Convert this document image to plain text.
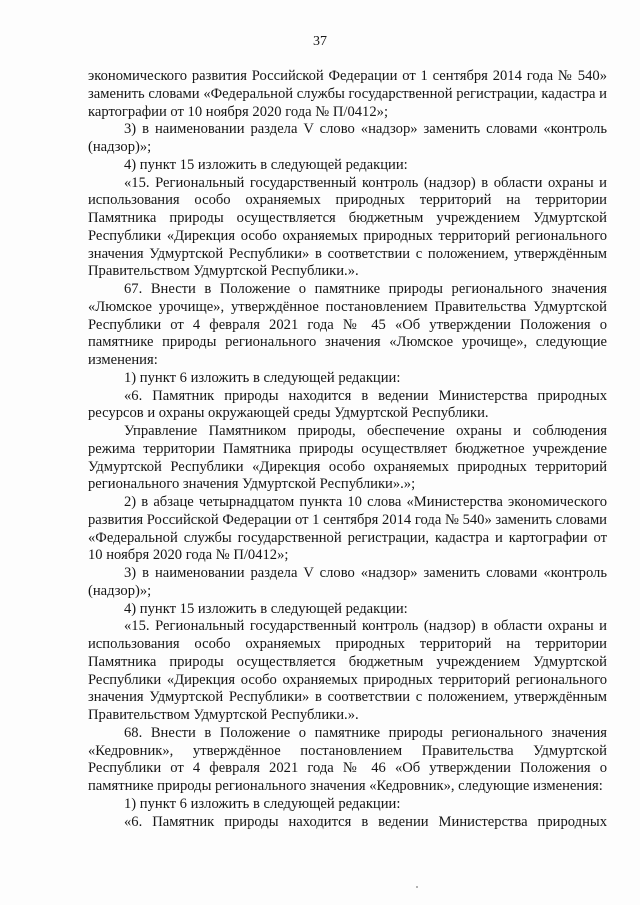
37

экономического развития Российской Федерации от 1 сентября 2014 года № 540» заменить словами «Федеральной службы государственной регистрации, кадастра и картографии от 10 ноября 2020 года № П/0412»;

3) в наименовании раздела V слово «надзор» заменить словами «контроль (надзор)»;

4) пункт 15 изложить в следующей редакции:

«15. Региональный государственный контроль (надзор) в области охраны и использования особо охраняемых природных территорий на территории Памятника природы осуществляется бюджетным учреждением Удмуртской Республики «Дирекция особо охраняемых природных территорий регионального значения Удмуртской Республики» в соответствии с положением, утверждённым Правительством Удмуртской Республики.».

67. Внести в Положение о памятнике природы регионального значения «Люмское урочище», утверждённое постановлением Правительства Удмуртской Республики от 4 февраля 2021 года № 45 «Об утверждении Положения о памятнике природы регионального значения «Люмское урочище», следующие изменения:

1) пункт 6 изложить в следующей редакции:

«6. Памятник природы находится в ведении Министерства природных ресурсов и охраны окружающей среды Удмуртской Республики.

Управление Памятником природы, обеспечение охраны и соблюдения режима территории Памятника природы осуществляет бюджетное учреждение Удмуртской Республики «Дирекция особо охраняемых природных территорий регионального значения Удмуртской Республики».»;

2) в абзаце четырнадцатом пункта 10 слова «Министерства экономического развития Российской Федерации от 1 сентября 2014 года № 540» заменить словами «Федеральной службы государственной регистрации, кадастра и картографии от 10 ноября 2020 года № П/0412»;

3) в наименовании раздела V слово «надзор» заменить словами «контроль (надзор)»;

4) пункт 15 изложить в следующей редакции:

«15. Региональный государственный контроль (надзор) в области охраны и использования особо охраняемых природных территорий на территории Памятника природы осуществляется бюджетным учреждением Удмуртской Республики «Дирекция особо охраняемых природных территорий регионального значения Удмуртской Республики» в соответствии с положением, утверждённым Правительством Удмуртской Республики.».

68. Внести в Положение о памятнике природы регионального значения «Кедровник», утверждённое постановлением Правительства Удмуртской Республики от 4 февраля 2021 года № 46 «Об утверждении Положения о памятнике природы регионального значения «Кедровник», следующие изменения:

1) пункт 6 изложить в следующей редакции:

«6. Памятник природы находится в ведении Министерства природных
